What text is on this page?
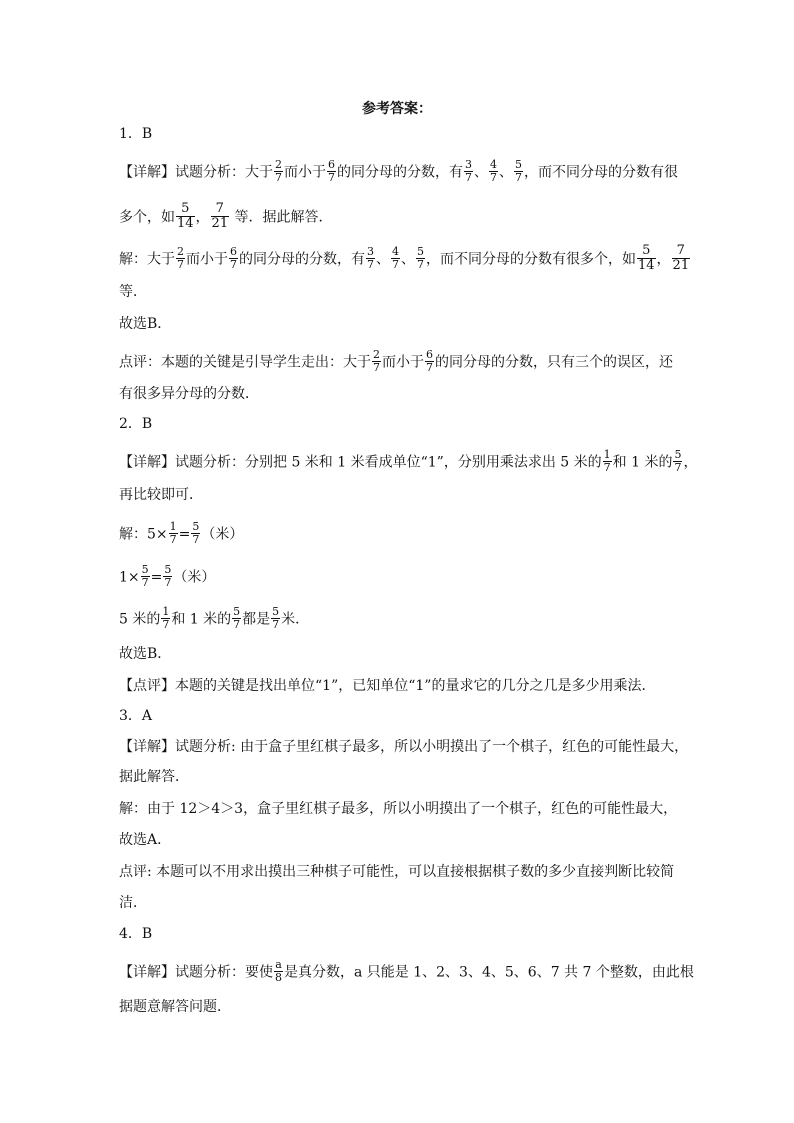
参考答案：
1．B
【详解】试题分析：大于 $\frac{2}{7}$ 而小于 $\frac{6}{7}$ 的同分母的分数，有 $\frac{3}{7}$ 、 $\frac{4}{7}$ 、 $\frac{5}{7}$ ，而不同分母的分数有很
多个，如 $\frac{5}{14}$ ， $\frac{7}{21}$ 等．据此解答．
解：大于 $\frac{2}{7}$ 而小于 $\frac{6}{7}$ 的同分母的分数，有 $\frac{3}{7}$ 、 $\frac{4}{7}$ 、 $\frac{5}{7}$ ，而不同分母的分数有很多个，如 $\frac{5}{14}$ ， $\frac{7}{21}$
等．
故选B．
点评：本题的关键是引导学生走出：大于 $\frac{2}{7}$ 而小于 $\frac{6}{7}$ 的同分母的分数，只有三个的误区，还
有很多异分母的分数．
2．B
【详解】试题分析：分别把 5 米和 1 米看成单位“1”，分别用乘法求出 5 米的 $\frac{1}{7}$ 和 1 米的 $\frac{5}{7}$ ，
再比较即可．
解：$5\times \frac{1}{7} = \frac{5}{7}$ （米）
$1\times \frac{5}{7} = \frac{5}{7}$ （米）
5 米的 $\frac{1}{7}$ 和 1 米的 $\frac{5}{7}$ 都是 $\frac{5}{7}$ 米．
故选B．
【点评】本题的关键是找出单位“1”，已知单位“1”的量求它的几分之几是多少用乘法．
3．A
【详解】试题分析: 由于盒子里红棋子最多，所以小明摸出了一个棋子，红色的可能性最大，
据此解答．
解：由于 12＞4＞3，盒子里红棋子最多，所以小明摸出了一个棋子，红色的可能性最大，
故选A．
点评: 本题可以不用求出摸出三种棋子可能性，可以直接根据棋子数的多少直接判断比较简
洁．
4．B
【详解】试题分析：要使 $\frac{a}{8}$ 是真分数，a 只能是 1、2、3、4、5、6、7 共 7 个整数，由此根
据题意解答问题．
